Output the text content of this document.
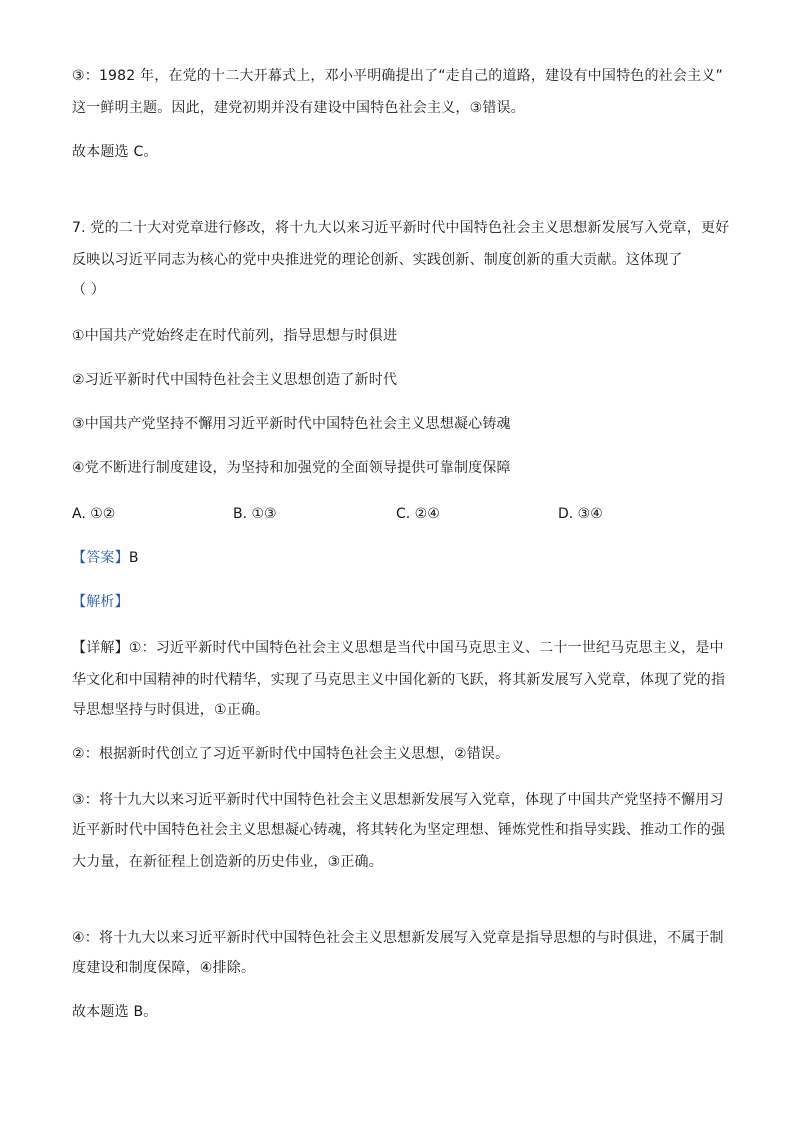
③：1982 年，在党的十二大开幕式上，邓小平明确提出了“走自己的道路，建设有中国特色的社会主义”
这一鲜明主题。因此，建党初期并没有建设中国特色社会主义，③错误。
故本题选 C。
7. 党的二十大对党章进行修改，将十九大以来习近平新时代中国特色社会主义思想新发展写入党章，更好
反映以习近平同志为核心的党中央推进党的理论创新、实践创新、制度创新的重大贡献。这体现了
（ ）
①中国共产党始终走在时代前列，指导思想与时俱进
②习近平新时代中国特色社会主义思想创造了新时代
③中国共产党坚持不懈用习近平新时代中国特色社会主义思想凝心铸魂
④党不断进行制度建设，为坚持和加强党的全面领导提供可靠制度保障
A. ①②	B. ①③	C. ②④	D. ③④
【答案】B
【解析】
【详解】①：习近平新时代中国特色社会主义思想是当代中国马克思主义、二十一世纪马克思主义，是中
华文化和中国精神的时代精华，实现了马克思主义中国化新的飞跃，将其新发展写入党章，体现了党的指
导思想坚持与时俱进，①正确。
②：根据新时代创立了习近平新时代中国特色社会主义思想，②错误。
③：将十九大以来习近平新时代中国特色社会主义思想新发展写入党章，体现了中国共产党坚持不懈用习
近平新时代中国特色社会主义思想凝心铸魂，将其转化为坚定理想、锤炼党性和指导实践、推动工作的强
大力量，在新征程上创造新的历史伟业，③正确。
④：将十九大以来习近平新时代中国特色社会主义思想新发展写入党章是指导思想的与时俱进，不属于制
度建设和制度保障，④排除。
故本题选 B。
